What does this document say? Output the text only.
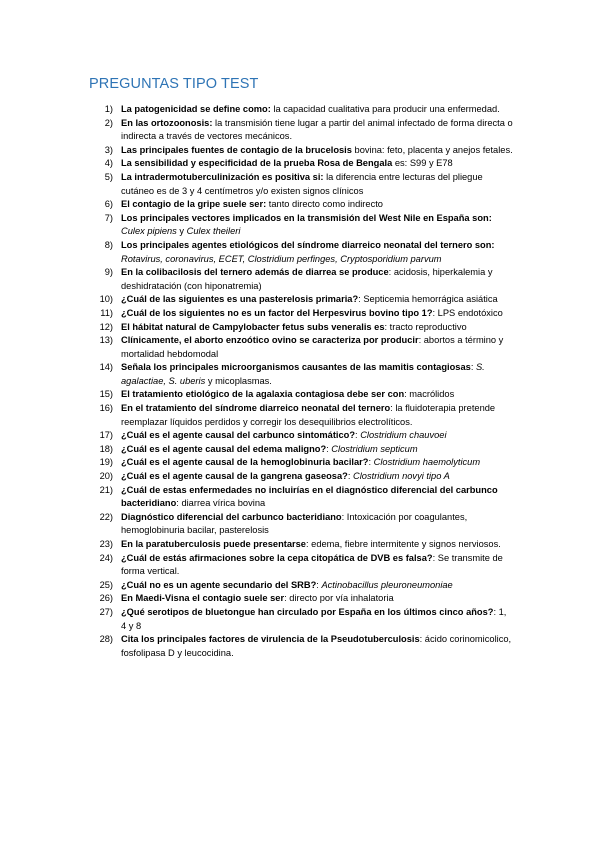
PREGUNTAS TIPO TEST
1) La patogenicidad se define como: la capacidad cualitativa para producir una enfermedad.
2) En las ortozoonosis: la transmisión tiene lugar a partir del animal infectado de forma directa o indirecta a través de vectores mecánicos.
3) Las principales fuentes de contagio de la brucelosis bovina: feto, placenta y anejos fetales.
4) La sensibilidad y especificidad de la prueba Rosa de Bengala es: S99 y E78
5) La intradermotuberculinización es positiva si: la diferencia entre lecturas del pliegue cutáneo es de 3 y 4 centímetros y/o existen signos clínicos
6) El contagio de la gripe suele ser: tanto directo como indirecto
7) Los principales vectores implicados en la transmisión del West Nile en España son: Culex pipiens y Culex theileri
8) Los principales agentes etiológicos del síndrome diarreico neonatal del ternero son: Rotavirus, coronavirus, ECET, Clostridium perfinges, Cryptosporidium parvum
9) En la colibacilosis del ternero además de diarrea se produce: acidosis, hiperkalemia y deshidratación (con hiponatremia)
10) ¿Cuál de las siguientes es una pasterelosis primaria?: Septicemia hemorrágica asiática
11) ¿Cuál de los siguientes no es un factor del Herpesvirus bovino tipo 1?: LPS endotóxico
12) El hábitat natural de Campylobacter fetus subs veneralis es: tracto reproductivo
13) Clínicamente, el aborto enzoótico ovino se caracteriza por producir: abortos a término y mortalidad hebdomodal
14) Señala los principales microorganismos causantes de las mamitis contagiosas: S. agalactiae, S. uberis y micoplasmas.
15) El tratamiento etiológico de la agalaxia contagiosa debe ser con: macrólidos
16) En el tratamiento del síndrome diarreico neonatal del ternero: la fluidoterapia pretende reemplazar líquidos perdidos y corregir los desequilibrios electrolíticos.
17) ¿Cuál es el agente causal del carbunco sintomático?: Clostridium chauvoei
18) ¿Cuál es el agente causal del edema maligno?: Clostridium septicum
19) ¿Cuál es el agente causal de la hemoglobinuria bacilar?: Clostridium haemolyticum
20) ¿Cuál es el agente causal de la gangrena gaseosa?: Clostridium novyi tipo A
21) ¿Cuál de estas enfermedades no incluirías en el diagnóstico diferencial del carbunco bacteridiano: diarrea vírica bovina
22) Diagnóstico diferencial del carbunco bacteridiano: Intoxicación por coagulantes, hemoglobinuria bacilar, pasterelosis
23) En la paratuberculosis puede presentarse: edema, fiebre intermitente y signos nerviosos.
24) ¿Cuál de estás afirmaciones sobre la cepa citopática de DVB es falsa?: Se transmite de forma vertical.
25) ¿Cuál no es un agente secundario del SRB?: Actinobacillus pleuroneumoniae
26) En Maedi-Visna el contagio suele ser: directo por vía inhalatoria
27) ¿Qué serotipos de bluetongue han circulado por España en los últimos cinco años?: 1, 4 y 8
28) Cita los principales factores de virulencia de la Pseudotuberculosis: ácido corinomicolico, fosfolipasa D y leucocidina.
